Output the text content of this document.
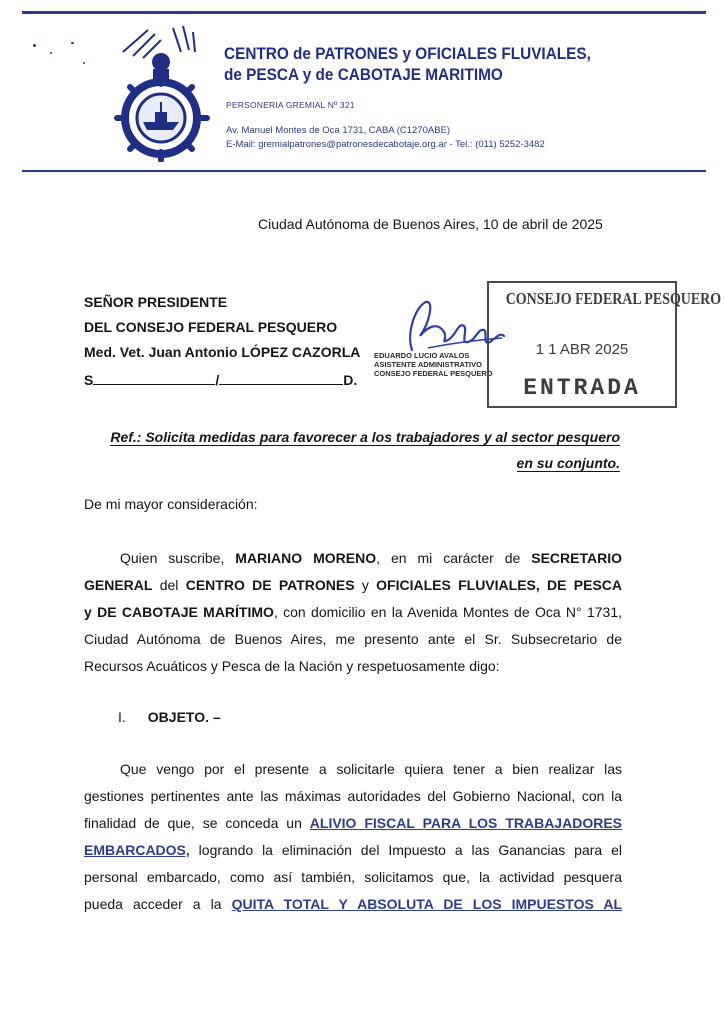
CENTRO de PATRONES y OFICIALES FLUVIALES,
de PESCA y de CABOTAJE MARITIMO
PERSONERIA GREMIAL Nº 321
Av. Manuel Montes de Oca 1731, CABA (C1270ABE)
E-Mail: gremialpatrones@patronesdecabotaje.org.ar - Tel.: (011) 5252-3482
Ciudad Autónoma de Buenos Aires, 10 de abril de 2025
SEÑOR PRESIDENTE
DEL CONSEJO FEDERAL PESQUERO
Med. Vet. Juan Antonio LÓPEZ CAZORLA
S	/	D.
EDUARDO LUCIO AVALOS
ASISTENTE ADMINISTRATIVO
CONSEJO FEDERAL PESQUERO
CONSEJO FEDERAL PESQUERO
1 1 ABR 2025
ENTRADA
Ref.: Solicita medidas para favorecer a los trabajadores y al sector pesquero
en su conjunto.
De mi mayor consideración:
Quien suscribe, MARIANO MORENO, en mi carácter de SECRETARIO
GENERAL del CENTRO DE PATRONES y OFICIALES FLUVIALES, DE PESCA
y DE CABOTAJE MARÍTIMO, con domicilio en la Avenida Montes de Oca N° 1731,
Ciudad Autónoma de Buenos Aires, me presento ante el Sr. Subsecretario de
Recursos Acuáticos y Pesca de la Nación y respetuosamente digo:
I. OBJETO. –
Que vengo por el presente a solicitarle quiera tener a bien realizar las
gestiones pertinentes ante las máximas autoridades del Gobierno Nacional, con la
finalidad de que, se conceda un ALIVIO FISCAL PARA LOS TRABAJADORES
EMBARCADOS, logrando la eliminación del Impuesto a las Ganancias para el
personal embarcado, como así también, solicitamos que, la actividad pesquera
pueda acceder a la QUITA TOTAL Y ABSOLUTA DE LOS IMPUESTOS AL
